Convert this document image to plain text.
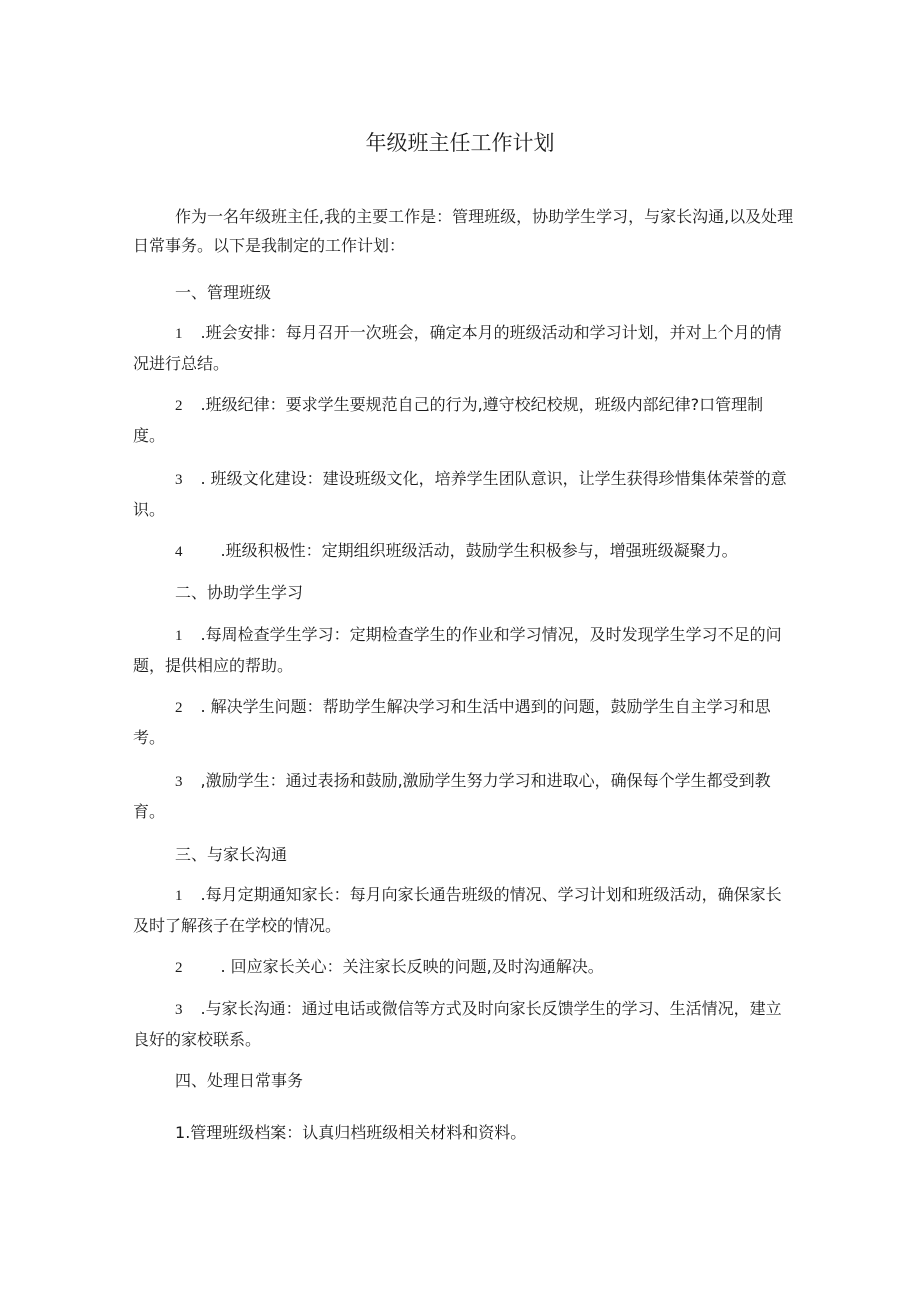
年级班主任工作计划
作为一名年级班主任,我的主要工作是：管理班级，协助学生学习，与家长沟通,以及处理日常事务。以下是我制定的工作计划：
一、管理班级
1 .班会安排：每月召开一次班会，确定本月的班级活动和学习计划，并对上个月的情况进行总结。
2 .班级纪律：要求学生要规范自己的行为,遵守校纪校规，班级内部纪律?口管理制度。
3 . 班级文化建设：建设班级文化，培养学生团队意识，让学生获得珍惜集体荣誉的意识。
4 .班级积极性：定期组织班级活动，鼓励学生积极参与，增强班级凝聚力。
二、协助学生学习
1 .每周检查学生学习：定期检查学生的作业和学习情况，及时发现学生学习不足的问题，提供相应的帮助。
2 . 解决学生问题：帮助学生解决学习和生活中遇到的问题，鼓励学生自主学习和思考。
3 ,激励学生：通过表扬和鼓励,激励学生努力学习和进取心，确保每个学生都受到教育。
三、与家长沟通
1 .每月定期通知家长：每月向家长通告班级的情况、学习计划和班级活动，确保家长及时了解孩子在学校的情况。
2 . 回应家长关心：关注家长反映的问题,及时沟通解决。
3 .与家长沟通：通过电话或微信等方式及时向家长反馈学生的学习、生活情况，建立良好的家校联系。
四、处理日常事务
1.管理班级档案：认真归档班级相关材料和资料。
